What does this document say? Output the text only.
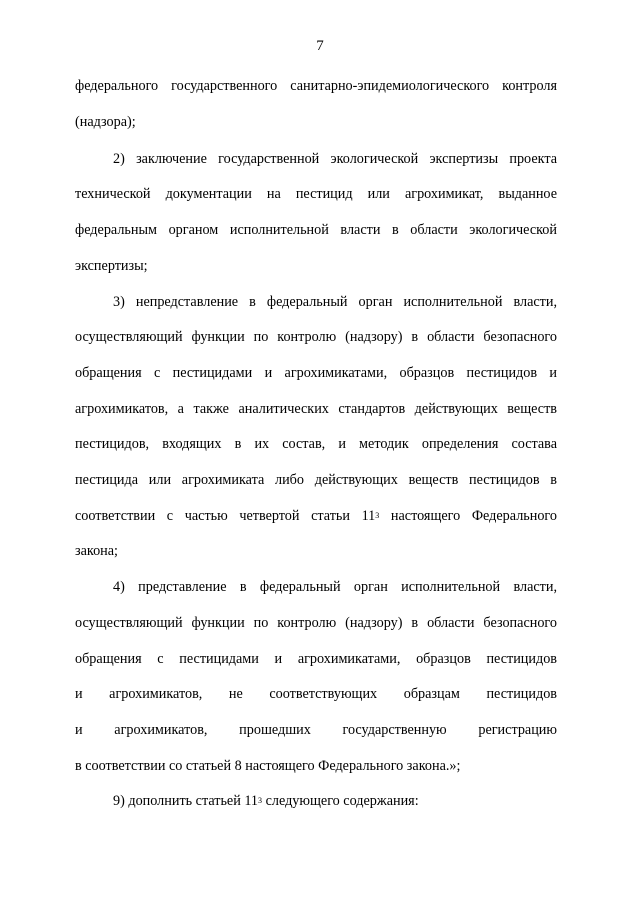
7
федерального государственного санитарно-эпидемиологического контроля
(надзора);
2) заключение государственной экологической экспертизы проекта
технической документации на пестицид или агрохимикат, выданное
федеральным органом исполнительной власти в области экологической
экспертизы;
3) непредставление в федеральный орган исполнительной власти,
осуществляющий функции по контролю (надзору) в области безопасного
обращения с пестицидами и агрохимикатами, образцов пестицидов и
агрохимикатов, а также аналитических стандартов действующих веществ
пестицидов, входящих в их состав, и методик определения состава
пестицида или агрохимиката либо действующих веществ пестицидов в
соответствии с частью четвертой статьи $11^3$ настоящего Федерального
закона;
4) представление в федеральный орган исполнительной власти,
осуществляющий функции по контролю (надзору) в области безопасного
обращения с пестицидами и агрохимикатами, образцов пестицидов
и агрохимикатов, не соответствующих образцам пестицидов
и агрохимикатов, прошедших государственную регистрацию
в соответствии со статьей 8 настоящего Федерального закона.»;
9) дополнить статьей $11^3$ следующего содержания:
